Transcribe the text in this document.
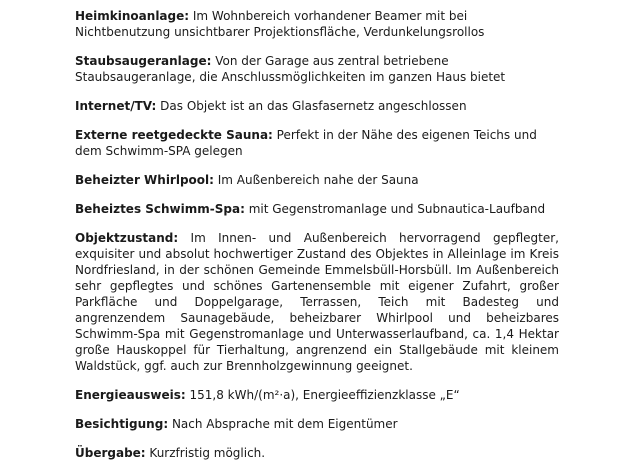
Heimkinoanlage: Im Wohnbereich vorhandener Beamer mit bei Nichtbenutzung unsichtbarer Projektionsfläche, Verdunkelungsrollos

Staubsaugeranlage: Von der Garage aus zentral betriebene Staubsaugeranlage, die Anschlussmöglichkeiten im ganzen Haus bietet

Internet/TV: Das Objekt ist an das Glasfasernetz angeschlossen

Externe reetgedeckte Sauna: Perfekt in der Nähe des eigenen Teichs und dem Schwimm-SPA gelegen

Beheizter Whirlpool: Im Außenbereich nahe der Sauna

Beheiztes Schwimm-Spa: mit Gegenstromanlage und Subnautica-Laufband

Objektzustand: Im Innen- und Außenbereich hervorragend gepflegter, exquisiter und absolut hochwertiger Zustand des Objektes in Alleinlage im Kreis Nordfriesland, in der schönen Gemeinde Emmelsbüll-Horsbüll. Im Außenbereich sehr gepflegtes und schönes Gartenensemble mit eigener Zufahrt, großer Parkfläche und Doppelgarage, Terrassen, Teich mit Badesteg und angrenzendem Saunagebäude, beheizbarer Whirlpool und beheizbares Schwimm-Spa mit Gegenstromanlage und Unterwasserlaufband, ca. 1,4 Hektar große Hauskoppel für Tierhaltung, angrenzend ein Stallgebäude mit kleinem Waldstück, ggf. auch zur Brennholzgewinnung geeignet.

Energieausweis: 151,8 kWh/(m²·a), Energieeffizienzklasse „E“

Besichtigung: Nach Absprache mit dem Eigentümer

Übergabe: Kurzfristig möglich.
